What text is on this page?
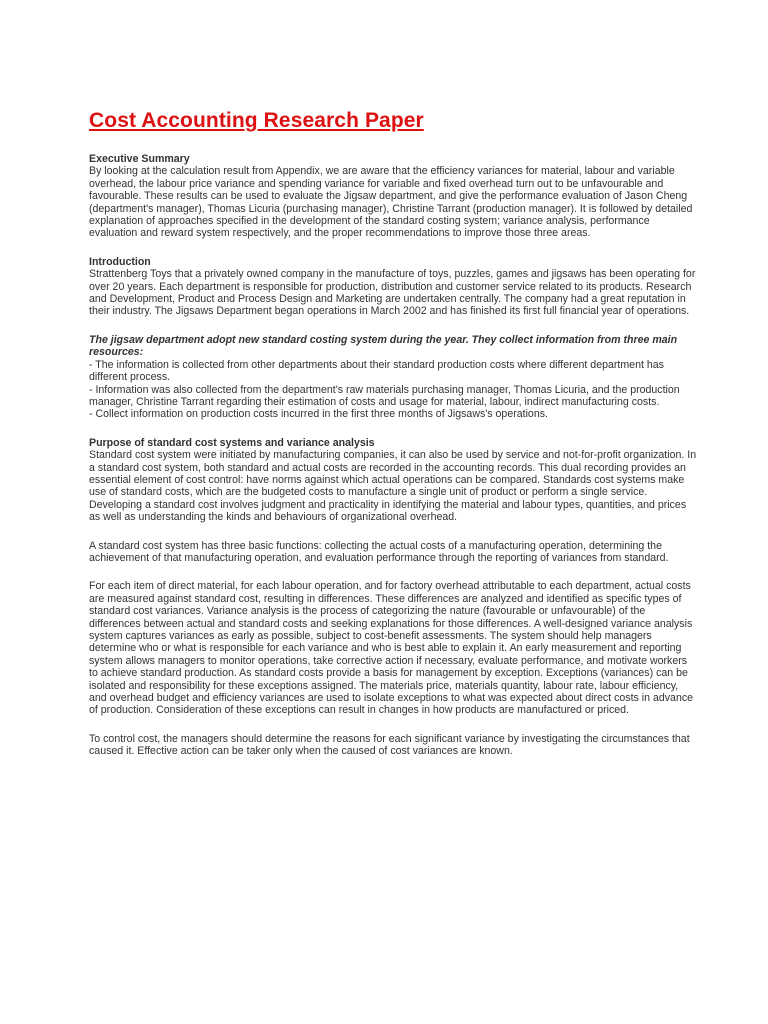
Cost Accounting Research Paper
Executive Summary
By looking at the calculation result from Appendix, we are aware that the efficiency variances for material, labour and variable overhead, the labour price variance and spending variance for variable and fixed overhead turn out to be unfavourable and favourable. These results can be used to evaluate the Jigsaw department, and give the performance evaluation of Jason Cheng (department's manager), Thomas Licuria (purchasing manager), Christine Tarrant (production manager). It is followed by detailed explanation of approaches specified in the development of the standard costing system; variance analysis, performance evaluation and reward system respectively, and the proper recommendations to improve those three areas.
Introduction
Strattenberg Toys that a privately owned company in the manufacture of toys, puzzles, games and jigsaws has been operating for over 20 years. Each department is responsible for production, distribution and customer service related to its products. Research and Development, Product and Process Design and Marketing are undertaken centrally. The company had a great reputation in their industry. The Jigsaws Department began operations in March 2002 and has finished its first full financial year of operations.
The jigsaw department adopt new standard costing system during the year. They collect information from three main resources:
- The information is collected from other departments about their standard production costs where different department has different process.
- Information was also collected from the department's raw materials purchasing manager, Thomas Licuria, and the production manager, Christine Tarrant regarding their estimation of costs and usage for material, labour, indirect manufacturing costs.
- Collect information on production costs incurred in the first three months of Jigsaws's operations.
Purpose of standard cost systems and variance analysis
Standard cost system were initiated by manufacturing companies, it can also be used by service and not-for-profit organization. In a standard cost system, both standard and actual costs are recorded in the accounting records. This dual recording provides an essential element of cost control: have norms against which actual operations can be compared. Standards cost systems make use of standard costs, which are the budgeted costs to manufacture a single unit of product or perform a single service. Developing a standard cost involves judgment and practicality in identifying the material and labour types, quantities, and prices as well as understanding the kinds and behaviours of organizational overhead.
A standard cost system has three basic functions: collecting the actual costs of a manufacturing operation, determining the achievement of that manufacturing operation, and evaluation performance through the reporting of variances from standard.
For each item of direct material, for each labour operation, and for factory overhead attributable to each department, actual costs are measured against standard cost, resulting in differences. These differences are analyzed and identified as specific types of standard cost variances. Variance analysis is the process of categorizing the nature (favourable or unfavourable) of the differences between actual and standard costs and seeking explanations for those differences. A well-designed variance analysis system captures variances as early as possible, subject to cost-benefit assessments. The system should help managers determine who or what is responsible for each variance and who is best able to explain it. An early measurement and reporting system allows managers to monitor operations, take corrective action if necessary, evaluate performance, and motivate workers to achieve standard production. As standard costs provide a basis for management by exception. Exceptions (variances) can be isolated and responsibility for these exceptions assigned. The materials price, materials quantity, labour rate, labour efficiency, and overhead budget and efficiency variances are used to isolate exceptions to what was expected about direct costs in advance of production. Consideration of these exceptions can result in changes in how products are manufactured or priced.
To control cost, the managers should determine the reasons for each significant variance by investigating the circumstances that caused it. Effective action can be taker only when the caused of cost variances are known.
